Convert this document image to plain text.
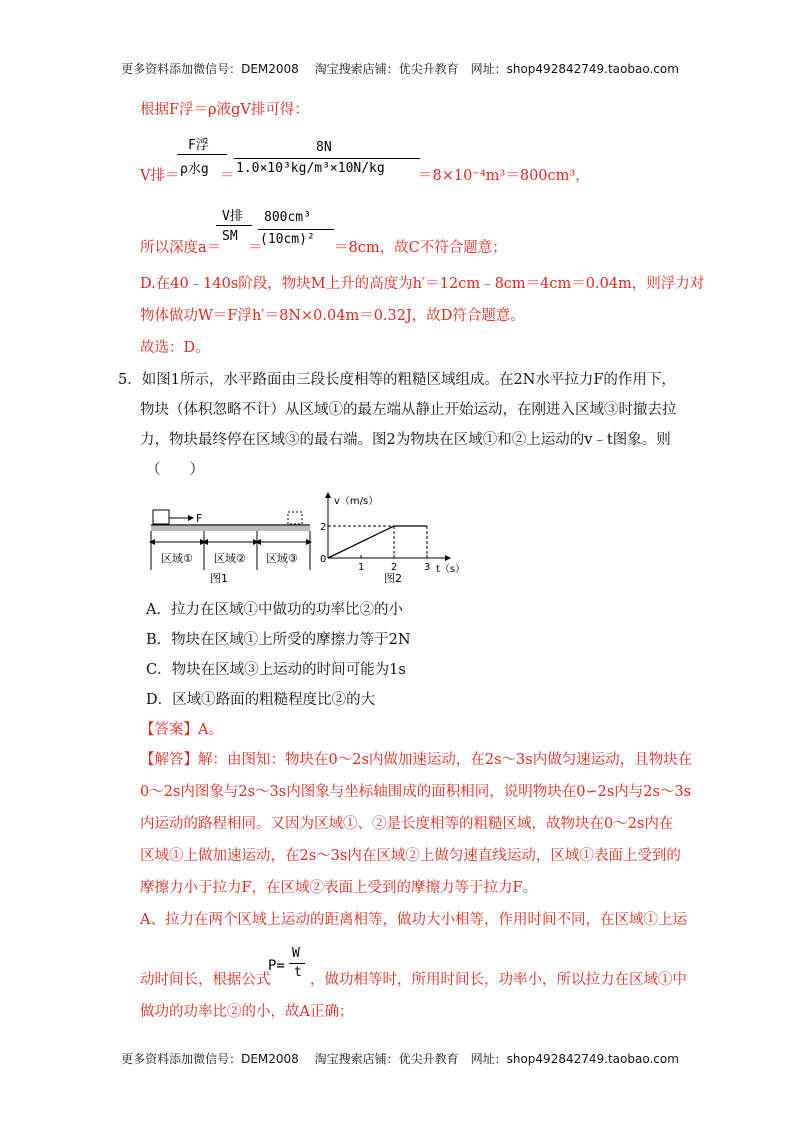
更多资料添加微信号：DEM2008　 淘宝搜索店铺：优尖升教育　网址：shop492842749.taobao.com
更多资料添加微信号：DEM2008　 淘宝搜索店铺：优尖升教育　网址：shop492842749.taobao.com
根据F浮＝ρ液gV排可得：
V排＝
F浮
ρ水g ＝
8N
1.0×10³kg/m³×10N/kg ＝8×10⁻⁴m³＝800cm³，
所以深度a＝
V排
SM
＝
800cm³
(10cm)²
＝8cm，故C不符合题意；
D.在40﹣140s阶段，物块M上升的高度为h′＝12cm﹣8cm＝4cm＝0.04m，则浮力对
物体做功W＝F浮h′＝8N×0.04m＝0.32J，故D符合题意。
故选：D。
5．如图1所示，水平路面由三段长度相等的粗糙区域组成。在2N水平拉力F的作用下，
物块（体积忽略不计）从区域①的最左端从静止开始运动，在刚进入区域③时撤去拉
力，物块最终停在区域③的最右端。图2为物块在区域①和②上运动的v﹣t图象。则
（　　）
F
区域① 区域② 区域③
图1
v（m/s）
t（s）
2
0
1	2	3
图2
A．拉力在区域①中做功的功率比②的小
B．物块在区域①上所受的摩擦力等于2N
C．物块在区域③上运动的时间可能为1s
D．区域①路面的粗糙程度比②的大
【答案】A。
【解答】解：由图知：物块在0～2s内做加速运动，在2s～3s内做匀速运动，且物块在
0～2s内图象与2s～3s内图象与坐标轴围成的面积相同，说明物块在0∽2s内与2s～3s
内运动的路程相同。又因为区域①、②是长度相等的粗糙区域，故物块在0～2s内在
区域①上做加速运动，在2s～3s内在区域②上做匀速直线运动，区域①表面上受到的
摩擦力小于拉力F，在区域②表面上受到的摩擦力等于拉力F。
A、拉力在两个区域上运动的距离相等，做功大小相等，作用时间不同，在区域①上运
动时间长，根据公式
P=
W
t ，做功相等时，所用时间长，功率小，所以拉力在区域①中
做功的功率比②的小，故A正确；
